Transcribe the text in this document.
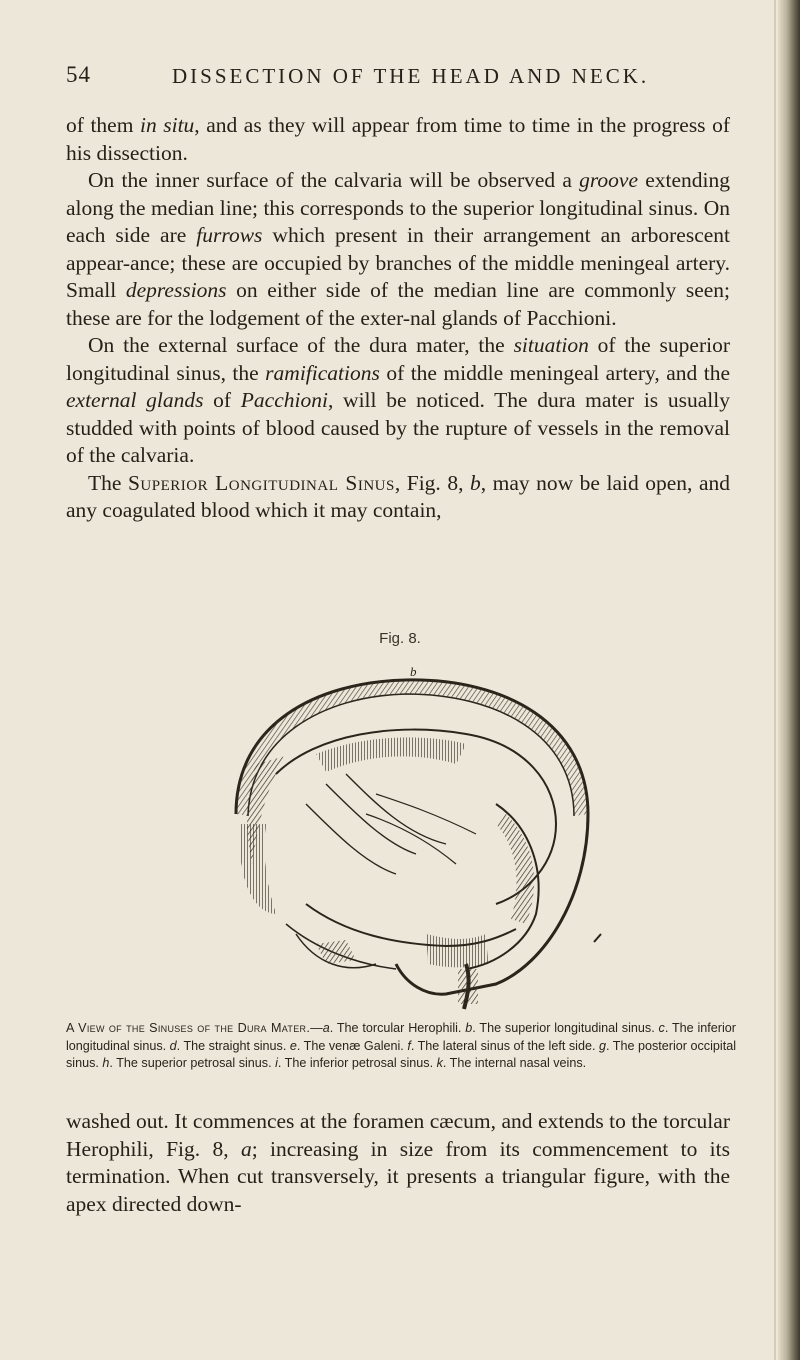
54	DISSECTION OF THE HEAD AND NECK.

of them in situ, and as they will appear from time to time in the progress of his dissection.

On the inner surface of the calvaria will be observed a groove extending along the median line; this corresponds to the superior longitudinal sinus. On each side are furrows which present in their arrangement an arborescent appear-ance; these are occupied by branches of the middle meningeal artery. Small depressions on either side of the median line are commonly seen; these are for the lodgement of the exter-nal glands of Pacchioni.

On the external surface of the dura mater, the situation of the superior longitudinal sinus, the ramifications of the middle meningeal artery, and the external glands of Pacchioni, will be noticed. The dura mater is usually studded with points of blood caused by the rupture of vessels in the removal of the calvaria.

The Superior Longitudinal Sinus, Fig. 8, b, may now be laid open, and any coagulated blood which it may contain,

Fig. 8.
b

A View of the Sinuses of the Dura Mater.—a. The torcular Herophili. b. The superior longitudinal sinus. c. The inferior longitudinal sinus. d. The straight sinus. e. The venæ Galeni. f. The lateral sinus of the left side. g. The posterior occipital sinus. h. The superior petrosal sinus. i. The inferior petrosal sinus. k. The internal nasal veins.

washed out. It commences at the foramen cæcum, and extends to the torcular Herophili, Fig. 8, a; increasing in size from its commencement to its termination. When cut transversely, it presents a triangular figure, with the apex directed down-
